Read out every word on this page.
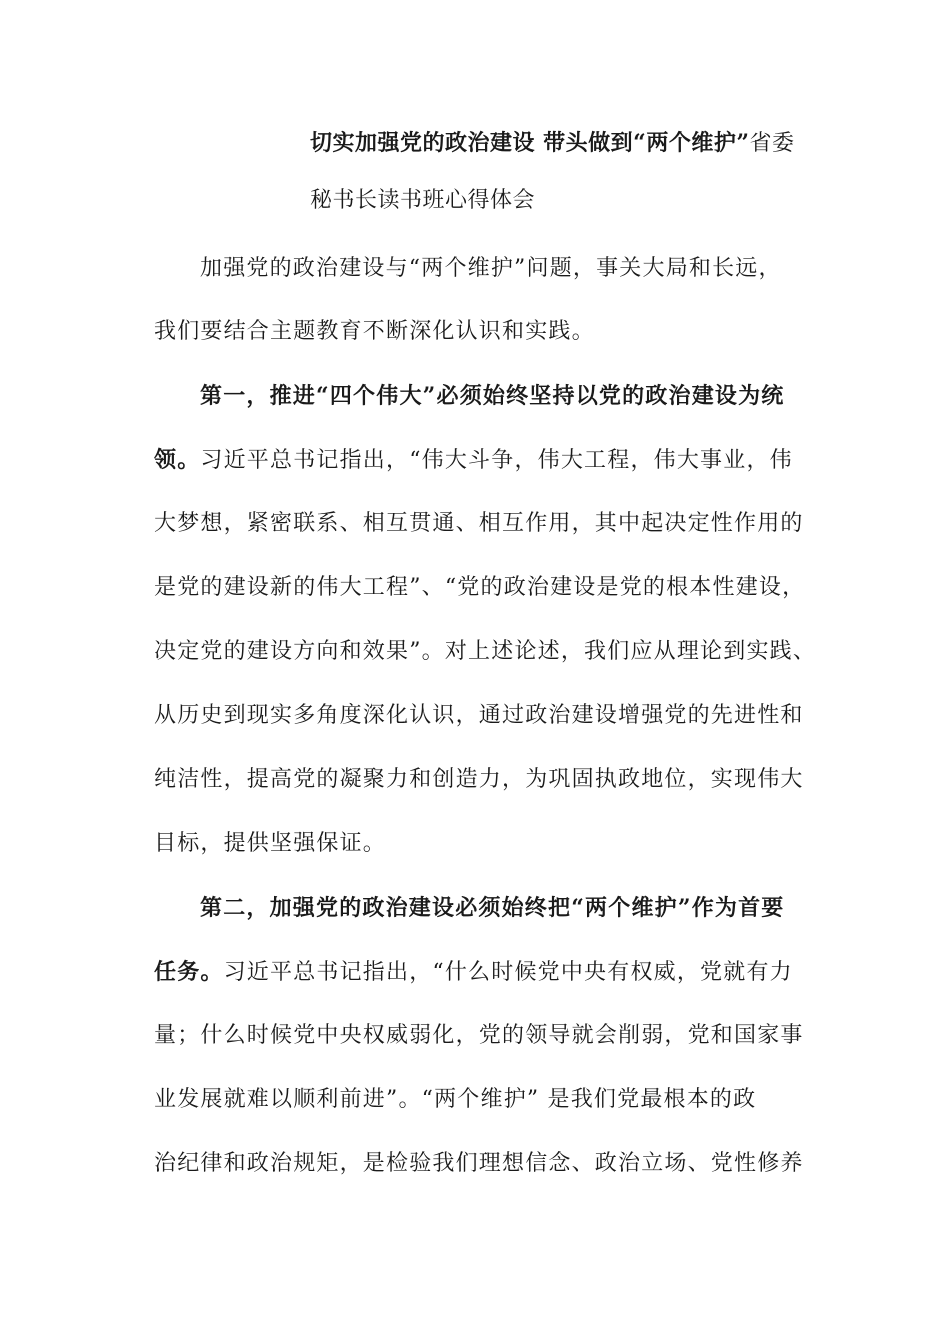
切实加强党的政治建设 带头做到“两个维护”省委
秘书长读书班心得体会
加强党的政治建设与“两个维护”问题，事关大局和长远，
我们要结合主题教育不断深化认识和实践。
第一，推进“四个伟大”必须始终坚持以党的政治建设为统
领。习近平总书记指出，“伟大斗争，伟大工程，伟大事业，伟
大梦想，紧密联系、相互贯通、相互作用，其中起决定性作用的
是党的建设新的伟大工程”、“党的政治建设是党的根本性建设，
决定党的建设方向和效果”。对上述论述，我们应从理论到实践、
从历史到现实多角度深化认识，通过政治建设增强党的先进性和
纯洁性，提高党的凝聚力和创造力，为巩固执政地位，实现伟大
目标，提供坚强保证。
第二，加强党的政治建设必须始终把“两个维护”作为首要
任务。习近平总书记指出，“什么时候党中央有权威，党就有力
量；什么时候党中央权威弱化，党的领导就会削弱，党和国家事
业发展就难以顺利前进”。“两个维护” 是我们党最根本的政
治纪律和政治规矩，是检验我们理想信念、政治立场、党性修养
